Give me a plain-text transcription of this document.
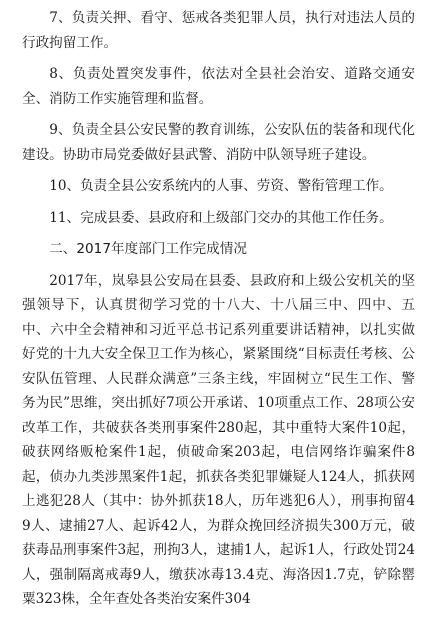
7、负责关押、看守、惩戒各类犯罪人员，执行对违法人员的行政拘留工作。

8、负责处置突发事件，依法对全县社会治安、道路交通安全、消防工作实施管理和监督。

9、负责全县公安民警的教育训练，公安队伍的装备和现代化建设。协助市局党委做好县武警、消防中队领导班子建设。

10、负责全县公安系统内的人事、劳资、警衔管理工作。

11、完成县委、县政府和上级部门交办的其他工作任务。

二、2017年度部门工作完成情况

2017年，岚皋县公安局在县委、县政府和上级公安机关的坚强领导下，认真贯彻学习党的十八大、十八届三中、四中、五中、六中全会精神和习近平总书记系列重要讲话精神，以扎实做好党的十九大安全保卫工作为核心，紧紧围绕“目标责任考核、公安队伍管理、人民群众满意”三条主线，牢固树立“民生工作、警务为民”思维，突出抓好7项公开承诺、10项重点工作、28项公安改革工作，共破获各类刑事案件280起，其中重特大案件10起，破获网络贩枪案件1起，侦破命案203起，电信网络诈骗案件8起，侦办九类涉黑案件1起，抓获各类犯罪嫌疑人124人，抓获网上逃犯28人（其中：协外抓获18人，历年逃犯6人），刑事拘留49人、逮捕27人、起诉42人，为群众挽回经济损失300万元，破获毒品刑事案件3起，刑拘3人，逮捕1人，起诉1人，行政处罚24人，强制隔离戒毒9人，缴获冰毒13.4克、海洛因1.7克，铲除罂粟323株，全年查处各类治安案件304
